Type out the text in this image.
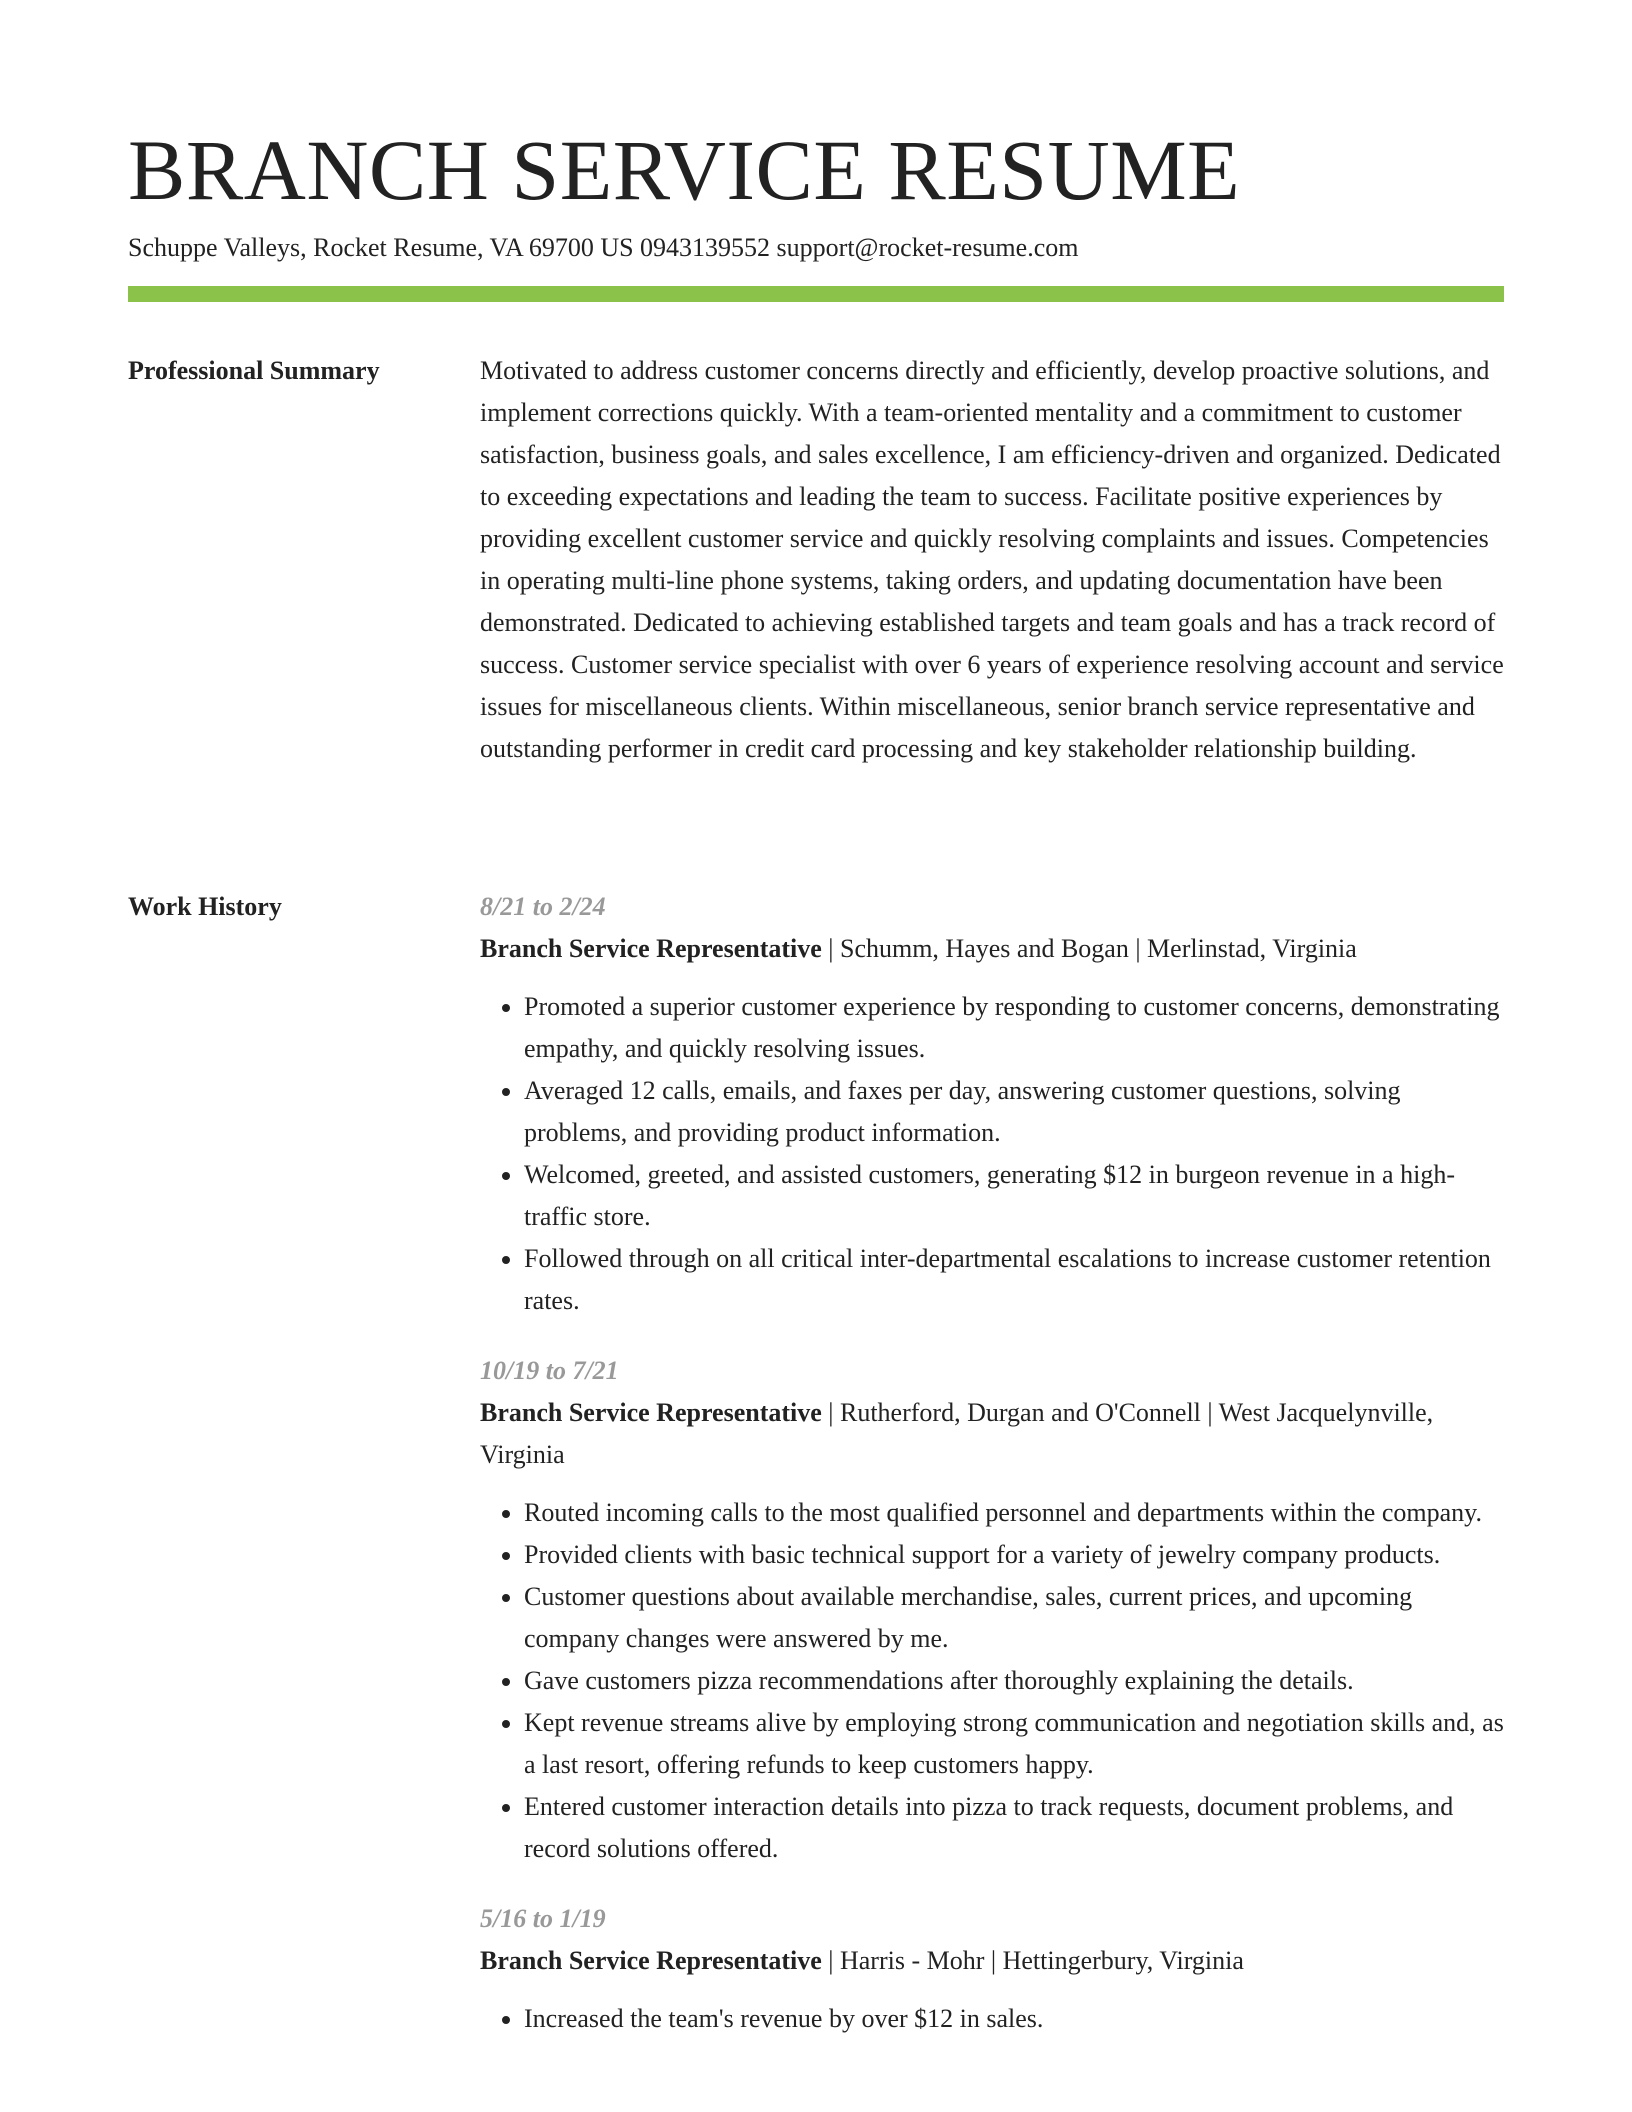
BRANCH SERVICE RESUME

Schuppe Valleys, Rocket Resume, VA 69700 US 0943139552 support@rocket-resume.com

Professional Summary	Motivated to address customer concerns directly and efficiently, develop proactive solutions, and implement corrections quickly. With a team-oriented mentality and a commitment to customer satisfaction, business goals, and sales excellence, I am efficiency-driven and organized. Dedicated to exceeding expectations and leading the team to success. Facilitate positive experiences by providing excellent customer service and quickly resolving complaints and issues. Competencies in operating multi-line phone systems, taking orders, and updating documentation have been demonstrated. Dedicated to achieving established targets and team goals and has a track record of success. Customer service specialist with over 6 years of experience resolving account and service issues for miscellaneous clients. Within miscellaneous, senior branch service representative and outstanding performer in credit card processing and key stakeholder relationship building.

Work History	8/21 to 2/24

Branch Service Representative | Schumm, Hayes and Bogan | Merlinstad, Virginia

• Promoted a superior customer experience by responding to customer concerns, demonstrating empathy, and quickly resolving issues.
• Averaged 12 calls, emails, and faxes per day, answering customer questions, solving problems, and providing product information.
• Welcomed, greeted, and assisted customers, generating $12 in burgeon revenue in a high-traffic store.
• Followed through on all critical inter-departmental escalations to increase customer retention rates.

10/19 to 7/21

Branch Service Representative | Rutherford, Durgan and O'Connell | West Jacquelynville, Virginia

• Routed incoming calls to the most qualified personnel and departments within the company.
• Provided clients with basic technical support for a variety of jewelry company products.
• Customer questions about available merchandise, sales, current prices, and upcoming company changes were answered by me.
• Gave customers pizza recommendations after thoroughly explaining the details.
• Kept revenue streams alive by employing strong communication and negotiation skills and, as a last resort, offering refunds to keep customers happy.
• Entered customer interaction details into pizza to track requests, document problems, and record solutions offered.

5/16 to 1/19

Branch Service Representative | Harris - Mohr | Hettingerbury, Virginia

• Increased the team's revenue by over $12 in sales.
